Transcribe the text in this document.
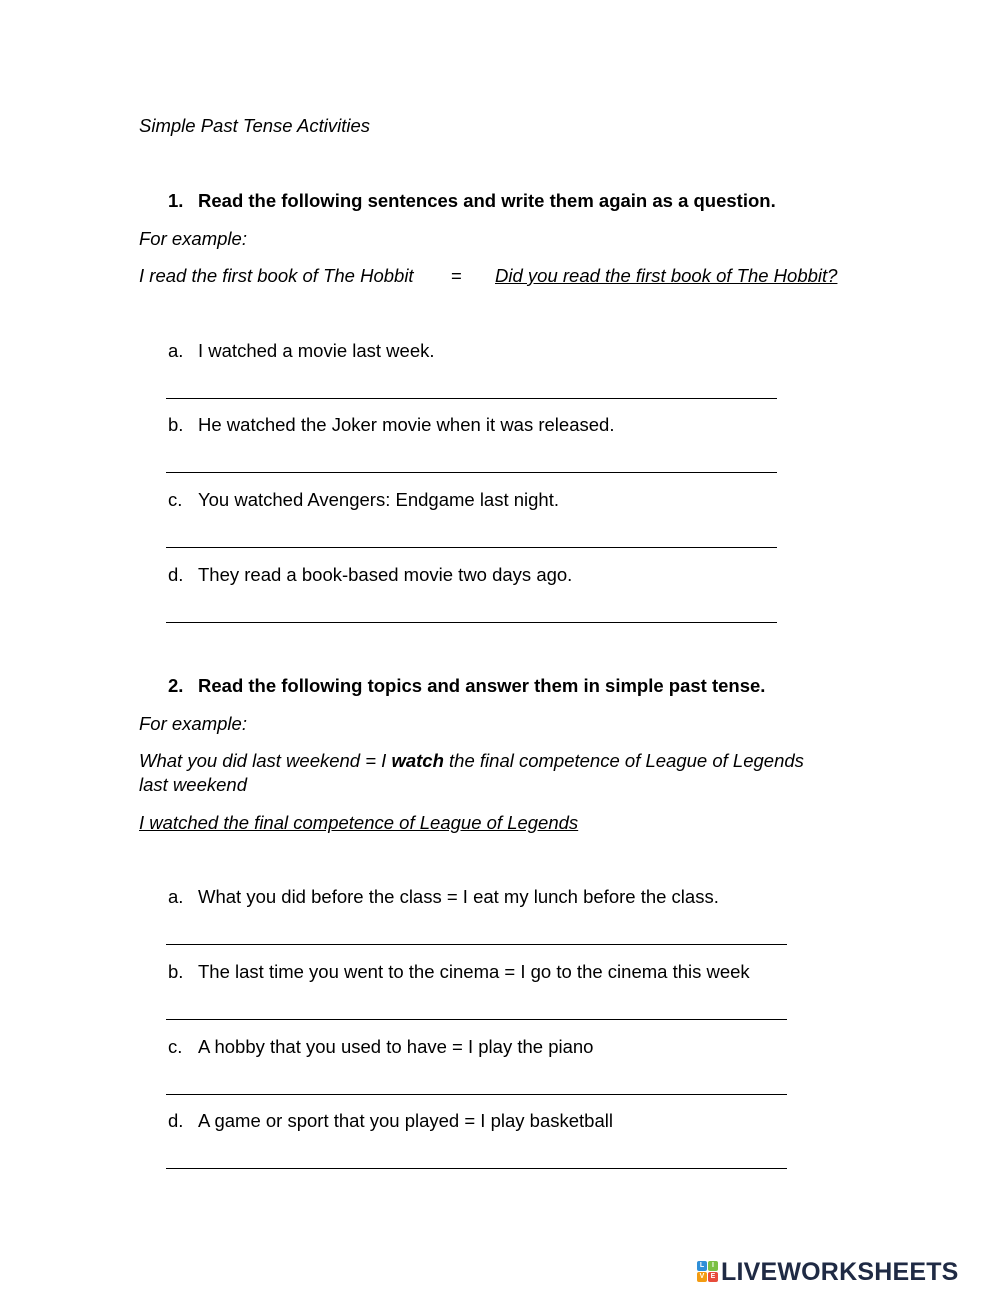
Simple Past Tense Activities
1. Read the following sentences and write them again as a question.
For example:
I read the first book of The Hobbit = Did you read the first book of The Hobbit?
a. I watched a movie last week.
b. He watched the Joker movie when it was released.
c. You watched Avengers: Endgame last night.
d. They read a book-based movie two days ago.
2. Read the following topics and answer them in simple past tense.
For example:
What you did last weekend = I watch the final competence of League of Legends
last weekend
I watched the final competence of League of Legends
a. What you did before the class = I eat my lunch before the class.
b. The last time you went to the cinema = I go to the cinema this week
c. A hobby that you used to have = I play the piano
d. A game or sport that you played = I play basketball
L	I
V E LIVEWORKSHEETS
